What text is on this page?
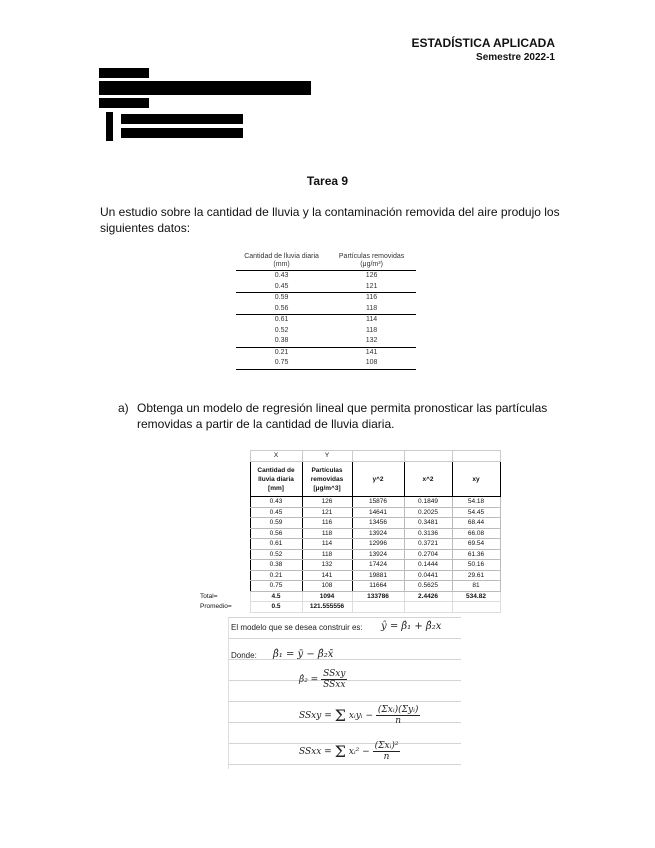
ESTADÍSTICA APLICADA
Semestre 2022-1
Tarea 9
Un estudio sobre la cantidad de lluvia y la contaminación removida del aire produjo los siguientes datos:
Cantidad de lluvia diaria (mm)	Partículas removidas (μg/m³)
0.43	126
0.45	121
0.59	116
0.56	118
0.61	114
0.52	118
0.38	132
0.21	141
0.75	108
a) Obtenga un modelo de regresión lineal que permita pronosticar las partículas removidas a partir de la cantidad de lluvia diaria.
	X	Y			
	Cantidad de lluvia diaria [mm]	Partículas removidas [μg/m^3]	y^2	x^2	xy
	0.43	126	15876	0.1849	54.18
	0.45	121	14641	0.2025	54.45
	0.59	116	13456	0.3481	68.44
	0.56	118	13924	0.3136	66.08
	0.61	114	12996	0.3721	69.54
	0.52	118	13924	0.2704	61.36
	0.38	132	17424	0.1444	50.16
	0.21	141	19881	0.0441	29.61
	0.75	108	11664	0.5625	81
Total=	4.5	1094	133786	2.4426	534.82
Promedio=	0.5	121.555556			
El modelo que se desea construir es: ŷ = β̂₁ + β̂₂x
Donde: β̂₁ = ȳ − β̂₂x̄
β̂₂ = $\frac{\text{SSxy}}{\text{SSxx}}$
SSxy = Σ xᵢyᵢ − $\frac{\text{(Σxᵢ)(Σyᵢ)}}{n}$
SSxx = Σ xᵢ² − $\frac{\text{(Σxᵢ)²}}{n}$
